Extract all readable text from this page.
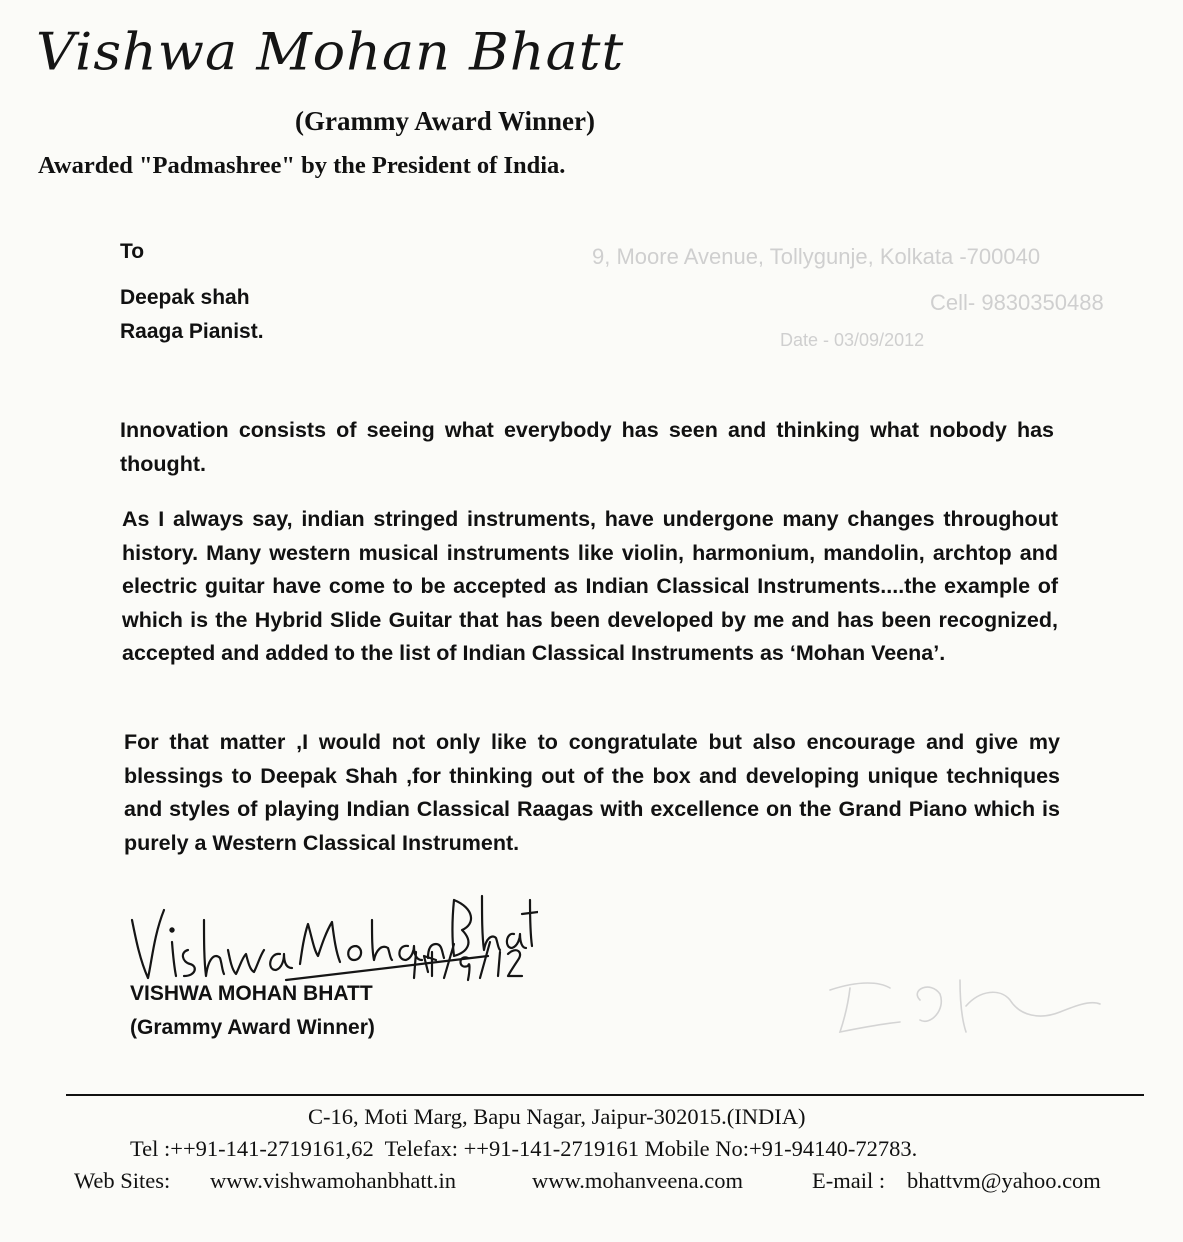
9, Moore Avenue, Tollygunje, Kolkata -700040
Cell- 9830350488
Date - 03/09/2012
Vishwa Mohan Bhatt
(Grammy Award Winner)
Awarded "Padmashree" by the President of India.
To
Deepak shah
Raaga Pianist.
Innovation consists of seeing what everybody has seen and thinking what nobody has thought.
As I always say, indian stringed instruments, have undergone many changes throughout history. Many western musical instruments like violin, harmonium, mandolin, archtop and electric guitar have come to be accepted as Indian Classical Instruments....the example of which is the Hybrid Slide Guitar that has been developed by me and has been recognized, accepted and added to the list of Indian Classical Instruments as ‘Mohan Veena’.
For that matter ,I would not only like to congratulate but also encourage and give my blessings to Deepak Shah ,for thinking out of the box and developing unique techniques and styles of playing Indian Classical Raagas with excellence on the Grand Piano which is purely a Western Classical Instrument.
VISHWA MOHAN BHATT
(Grammy Award Winner)
C-16, Moti Marg, Bapu Nagar, Jaipur-302015.(INDIA)
Tel :++91-141-2719161,62  Telefax: ++91-141-2719161 Mobile No:+91-94140-72783.
Web Sites: www.vishwamohanbhatt.in	www.mohanveena.com	E-mail : bhattvm@yahoo.com
